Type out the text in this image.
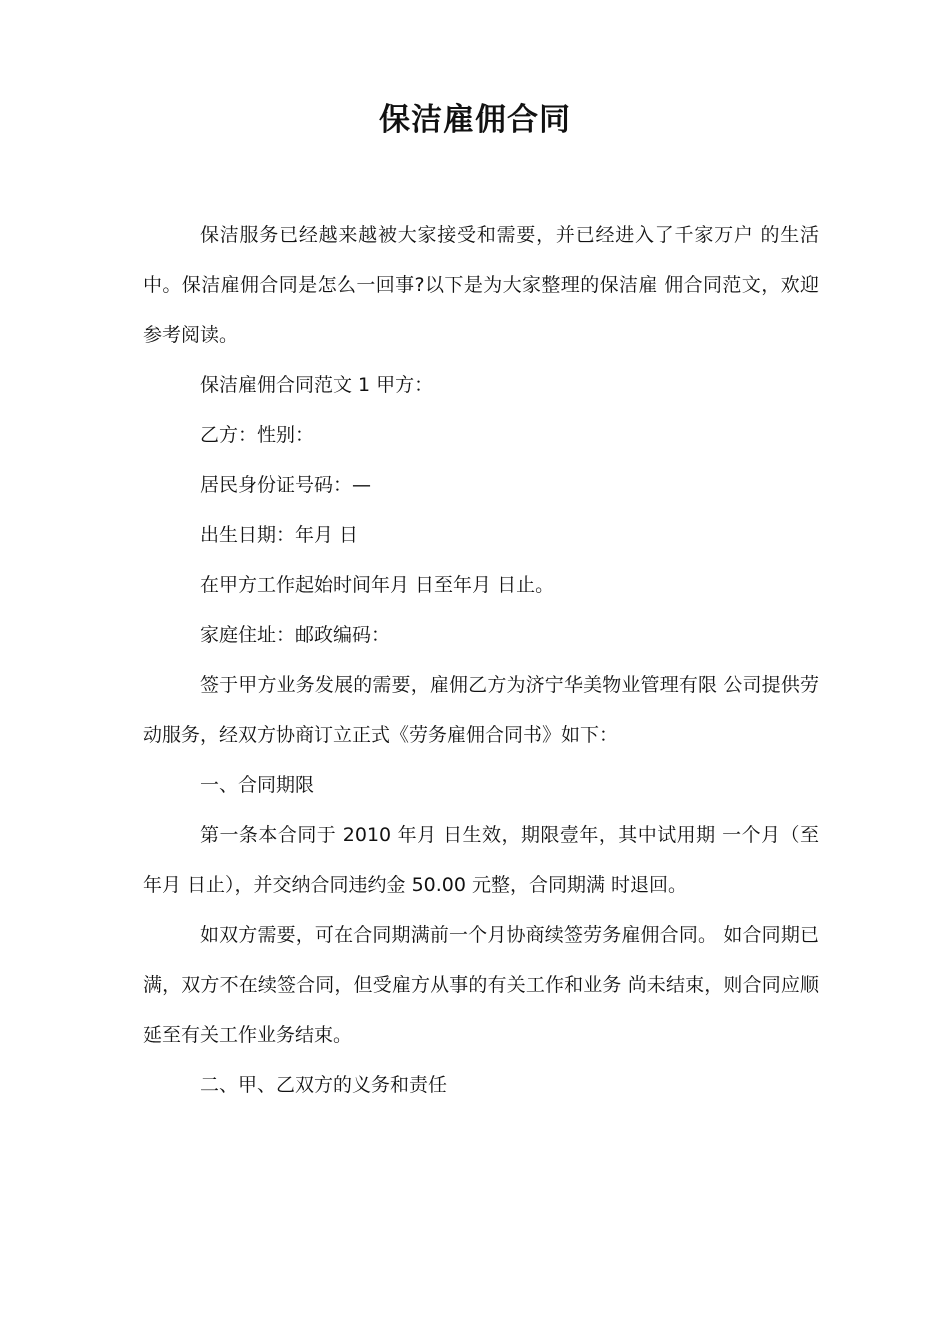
保洁雇佣合同

保洁服务已经越来越被大家接受和需要，并已经进入了千家万户 的生活中。保洁雇佣合同是怎么一回事?以下是为大家整理的保洁雇 佣合同范文，欢迎参考阅读。

保洁雇佣合同范文 1 甲方：

乙方：性别：

居民身份证号码：—

出生日期：年月 日

在甲方工作起始时间年月 日至年月 日止。

家庭住址：邮政编码：

签于甲方业务发展的需要，雇佣乙方为济宁华美物业管理有限 公司提供劳动服务，经双方协商订立正式《劳务雇佣合同书》如下：

一、合同期限

第一条本合同于 2010 年月 日生效，期限壹年，其中试用期 一个月（至年月 日止），并交纳合同违约金 50.00 元整，合同期满 时退回。

如双方需要，可在合同期满前一个月协商续签劳务雇佣合同。 如合同期已满，双方不在续签合同，但受雇方从事的有关工作和业务 尚未结束，则合同应顺延至有关工作业务结束。

二、甲、乙双方的义务和责任
